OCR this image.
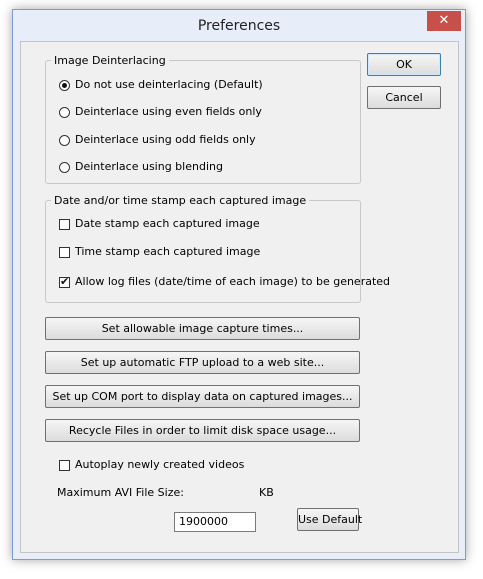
Preferences	✕
Image Deinterlacing
Do not use deinterlacing (Default)
Deinterlace using even fields only
Deinterlace using odd fields only
Deinterlace using blending
Date and/or time stamp each captured image
Date stamp each captured image
Time stamp each captured image
✔ Allow log files (date/time of each image) to be generated
OK
Cancel
Set allowable image capture times...
Set up automatic FTP upload to a web site...
Set up COM port to display data on captured images...
Recycle Files in order to limit disk space usage...
Autoplay newly created videos
Maximum AVI File Size:	KB
1900000	Use Default
